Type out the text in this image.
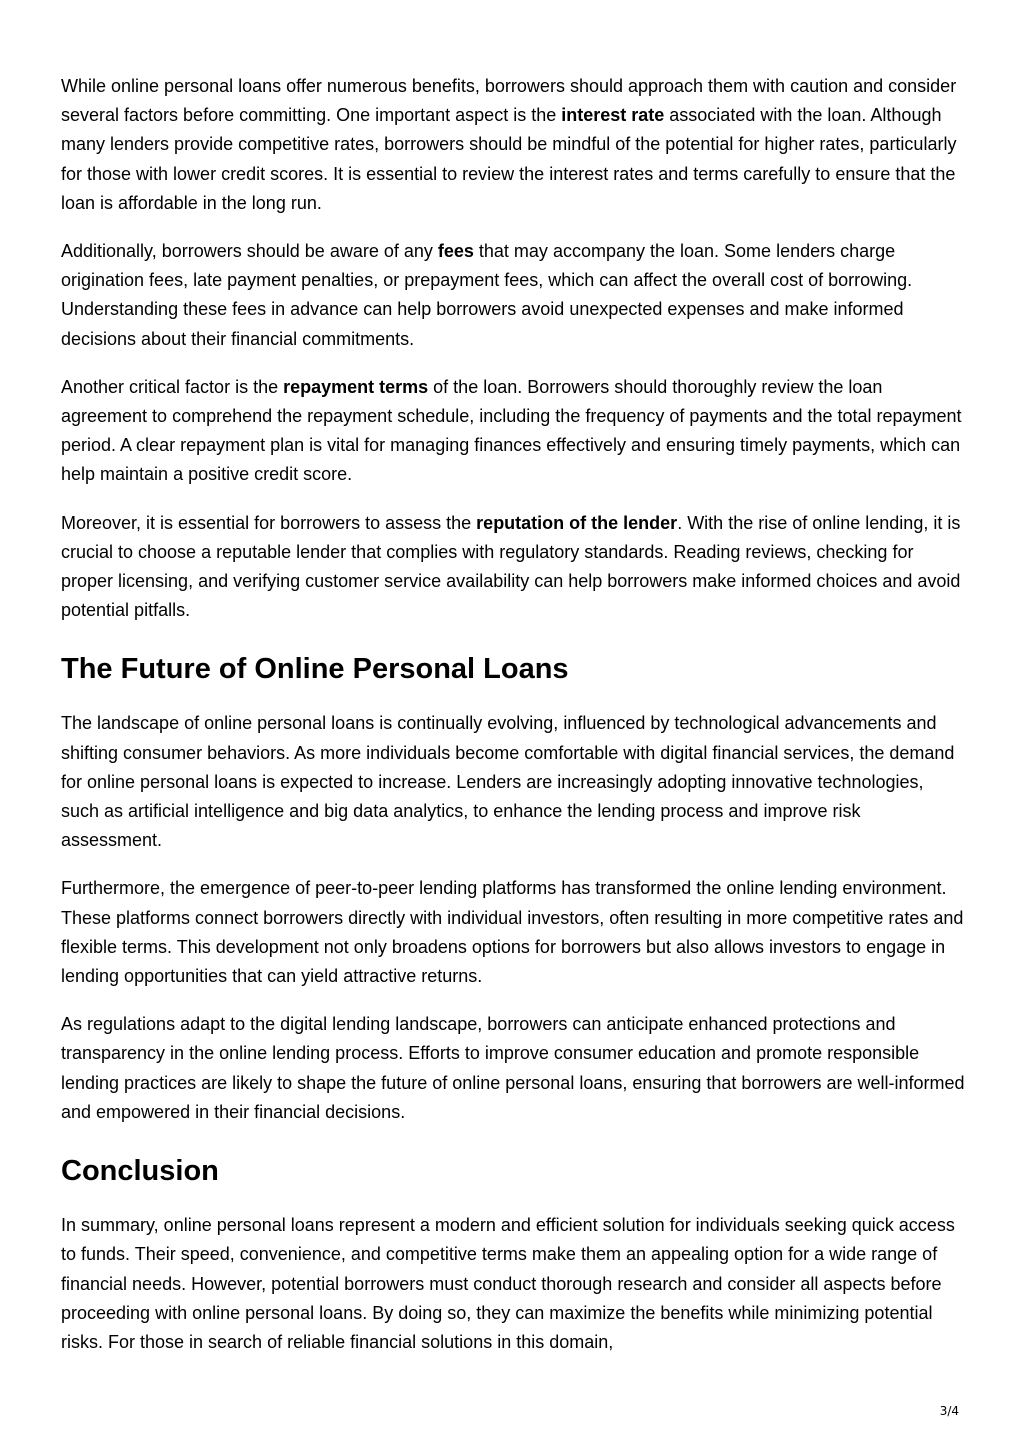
While online personal loans offer numerous benefits, borrowers should approach them with caution and consider several factors before committing. One important aspect is the interest rate associated with the loan. Although many lenders provide competitive rates, borrowers should be mindful of the potential for higher rates, particularly for those with lower credit scores. It is essential to review the interest rates and terms carefully to ensure that the loan is affordable in the long run.

Additionally, borrowers should be aware of any fees that may accompany the loan. Some lenders charge origination fees, late payment penalties, or prepayment fees, which can affect the overall cost of borrowing. Understanding these fees in advance can help borrowers avoid unexpected expenses and make informed decisions about their financial commitments.

Another critical factor is the repayment terms of the loan. Borrowers should thoroughly review the loan agreement to comprehend the repayment schedule, including the frequency of payments and the total repayment period. A clear repayment plan is vital for managing finances effectively and ensuring timely payments, which can help maintain a positive credit score.

Moreover, it is essential for borrowers to assess the reputation of the lender. With the rise of online lending, it is crucial to choose a reputable lender that complies with regulatory standards. Reading reviews, checking for proper licensing, and verifying customer service availability can help borrowers make informed choices and avoid potential pitfalls.

The Future of Online Personal Loans

The landscape of online personal loans is continually evolving, influenced by technological advancements and shifting consumer behaviors. As more individuals become comfortable with digital financial services, the demand for online personal loans is expected to increase. Lenders are increasingly adopting innovative technologies, such as artificial intelligence and big data analytics, to enhance the lending process and improve risk assessment.

Furthermore, the emergence of peer-to-peer lending platforms has transformed the online lending environment. These platforms connect borrowers directly with individual investors, often resulting in more competitive rates and flexible terms. This development not only broadens options for borrowers but also allows investors to engage in lending opportunities that can yield attractive returns.

As regulations adapt to the digital lending landscape, borrowers can anticipate enhanced protections and transparency in the online lending process. Efforts to improve consumer education and promote responsible lending practices are likely to shape the future of online personal loans, ensuring that borrowers are well-informed and empowered in their financial decisions.

Conclusion

In summary, online personal loans represent a modern and efficient solution for individuals seeking quick access to funds. Their speed, convenience, and competitive terms make them an appealing option for a wide range of financial needs. However, potential borrowers must conduct thorough research and consider all aspects before proceeding with online personal loans. By doing so, they can maximize the benefits while minimizing potential risks. For those in search of reliable financial solutions in this domain,

3/4
